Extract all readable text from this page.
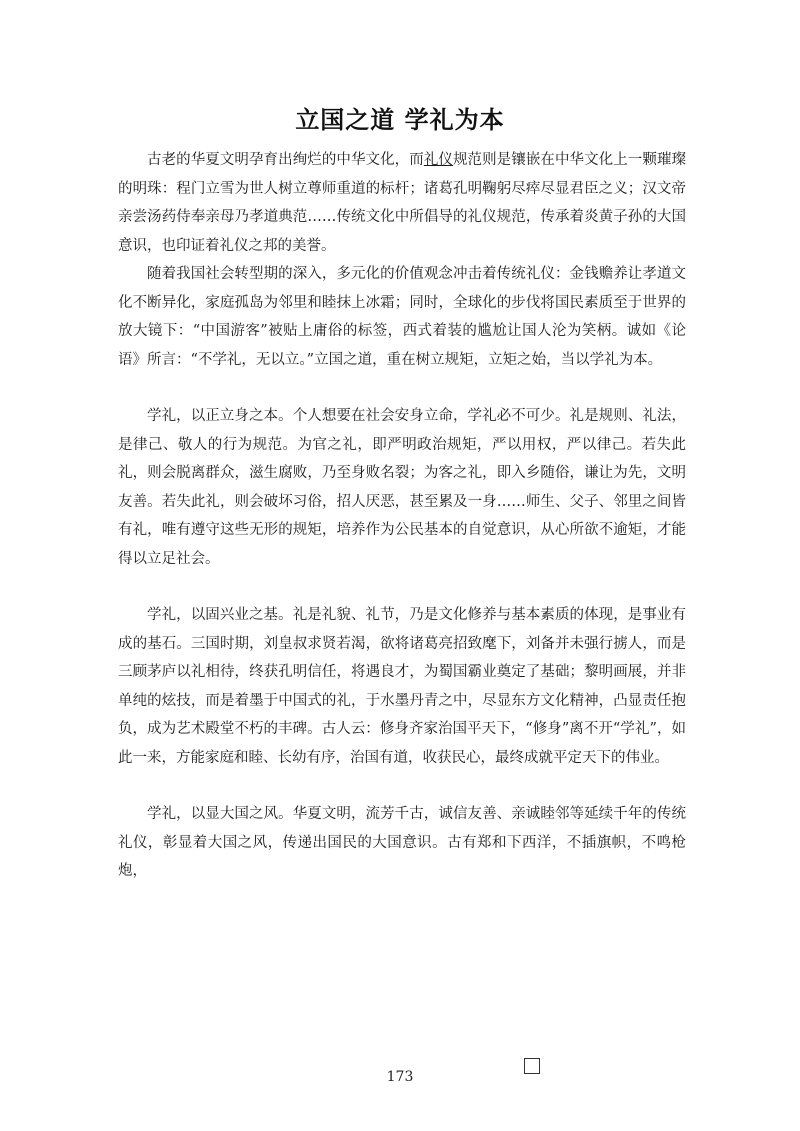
立国之道 学礼为本

古老的华夏文明孕育出绚烂的中华文化，而礼仪规范则是镶嵌在中华文化上一颗璀璨的明珠：程门立雪为世人树立尊师重道的标杆；诸葛孔明鞠躬尽瘁尽显君臣之义；汉文帝亲尝汤药侍奉亲母乃孝道典范……传统文化中所倡导的礼仪规范，传承着炎黄子孙的大国意识，也印证着礼仪之邦的美誉。

随着我国社会转型期的深入，多元化的价值观念冲击着传统礼仪：金钱赡养让孝道文化不断异化，家庭孤岛为邻里和睦抹上冰霜；同时，全球化的步伐将国民素质至于世界的放大镜下：“中国游客”被贴上庸俗的标签，西式着装的尴尬让国人沦为笑柄。诚如《论语》所言：“不学礼，无以立。”立国之道，重在树立规矩，立矩之始，当以学礼为本。

学礼，以正立身之本。个人想要在社会安身立命，学礼必不可少。礼是规则、礼法，是律己、敬人的行为规范。为官之礼，即严明政治规矩，严以用权，严以律己。若失此礼，则会脱离群众，滋生腐败，乃至身败名裂；为客之礼，即入乡随俗，谦让为先，文明友善。若失此礼，则会破坏习俗，招人厌恶，甚至累及一身……师生、父子、邻里之间皆有礼，唯有遵守这些无形的规矩，培养作为公民基本的自觉意识，从心所欲不逾矩，才能得以立足社会。

学礼，以固兴业之基。礼是礼貌、礼节，乃是文化修养与基本素质的体现，是事业有成的基石。三国时期，刘皇叔求贤若渴，欲将诸葛亮招致麾下，刘备并未强行掳人，而是三顾茅庐以礼相待，终获孔明信任，将遇良才，为蜀国霸业奠定了基础；黎明画展，并非单纯的炫技，而是着墨于中国式的礼，于水墨丹青之中，尽显东方文化精神，凸显责任抱负，成为艺术殿堂不朽的丰碑。古人云：修身齐家治国平天下，“修身”离不开“学礼”，如此一来，方能家庭和睦、长幼有序，治国有道，收获民心，最终成就平定天下的伟业。

学礼，以显大国之风。华夏文明，流芳千古，诚信友善、亲诚睦邻等延续千年的传统礼仪，彰显着大国之风，传递出国民的大国意识。古有郑和下西洋，不插旗帜，不鸣枪炮，

173
